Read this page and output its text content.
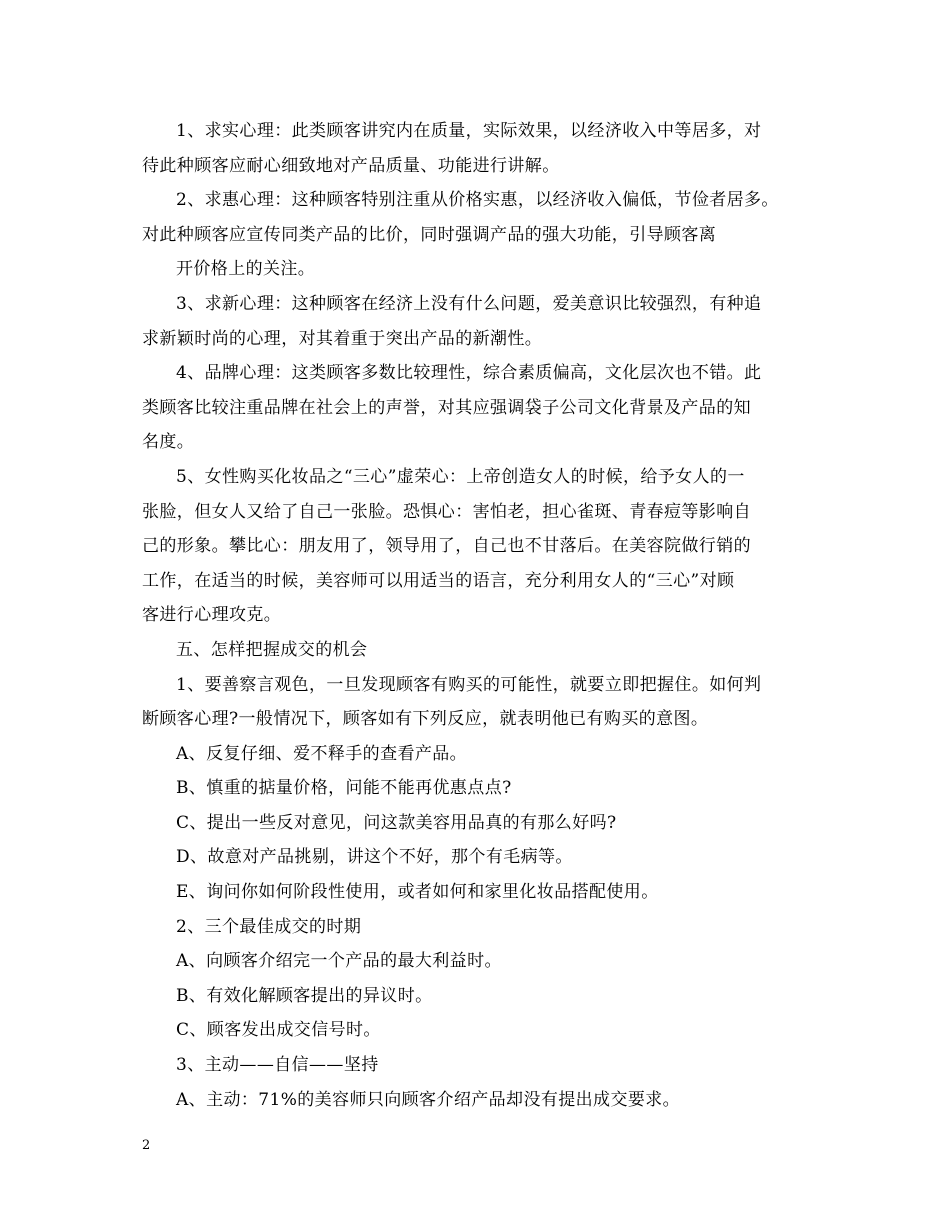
1、求实心理：此类顾客讲究内在质量，实际效果，以经济收入中等居多，对
待此种顾客应耐心细致地对产品质量、功能进行讲解。

2、求惠心理：这种顾客特别注重从价格实惠，以经济收入偏低，节俭者居多。
对此种顾客应宣传同类产品的比价，同时强调产品的强大功能，引导顾客离

开价格上的关注。

3、求新心理：这种顾客在经济上没有什么问题，爱美意识比较强烈，有种追
求新颖时尚的心理，对其着重于突出产品的新潮性。

4、品牌心理：这类顾客多数比较理性，综合素质偏高，文化层次也不错。此
类顾客比较注重品牌在社会上的声誉，对其应强调袋子公司文化背景及产品的知
名度。

5、女性购买化妆品之“三心”虚荣心：上帝创造女人的时候，给予女人的一
张脸，但女人又给了自己一张脸。恐惧心：害怕老，担心雀斑、青春痘等影响自
己的形象。攀比心：朋友用了，领导用了，自己也不甘落后。在美容院做行销的
工作，在适当的时候，美容师可以用适当的语言，充分利用女人的“三心”对顾
客进行心理攻克。

五、怎样把握成交的机会

1、要善察言观色，一旦发现顾客有购买的可能性，就要立即把握住。如何判
断顾客心理?一般情况下，顾客如有下列反应，就表明他已有购买的意图。

A、反复仔细、爱不释手的查看产品。

B、慎重的掂量价格，问能不能再优惠点点?

C、提出一些反对意见，问这款美容用品真的有那么好吗?

D、故意对产品挑剔，讲这个不好，那个有毛病等。

E、询问你如何阶段性使用，或者如何和家里化妆品搭配使用。

2、三个最佳成交的时期

A、向顾客介绍完一个产品的最大利益时。

B、有效化解顾客提出的异议时。

C、顾客发出成交信号时。

3、主动——自信——坚持

A、主动：71%的美容师只向顾客介绍产品却没有提出成交要求。

2
